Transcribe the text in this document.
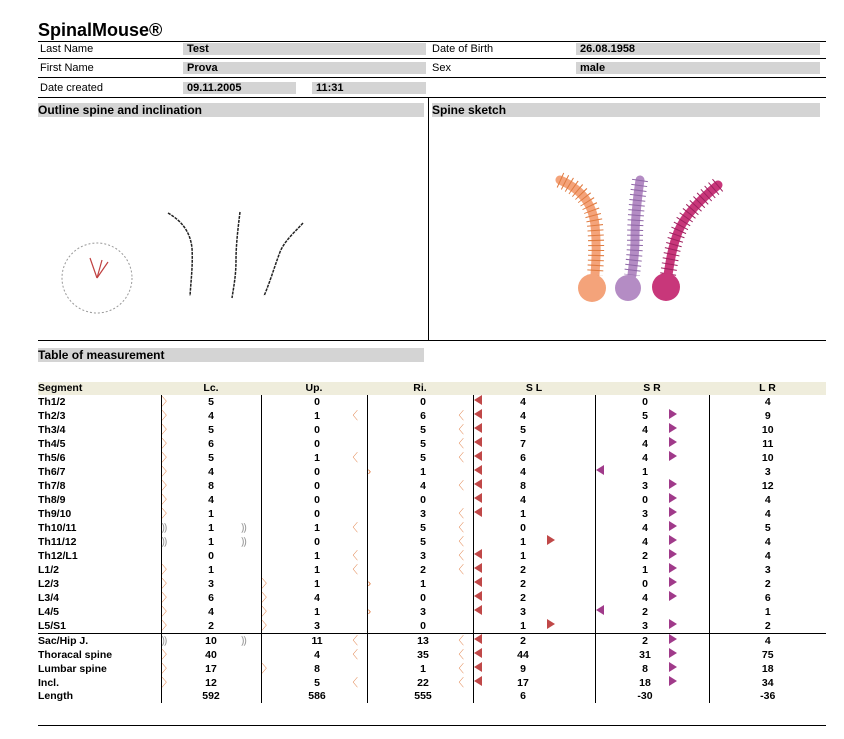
SpinalMouse®
Last Name	Test	Date of Birth	26.08.1958
First Name	Prova	Sex	male
Date created	09.11.2005	11:31
Outline spine and inclination	Spine sketch
Table of measurement
Segment	Lc.			Up.			Ri.			S L			S R			L R
Th1/2	〉	5			0			0			4			0		4
Th2/3	〉	4			1	〈		6	〈		4			5		9
Th3/4	〉	5			0			5	〈		5			4		10
Th4/5	〉	6			0			5	〈		7			4		11
Th5/6	〉	5			1	〈		5	〈		6			4		10
Th6/7	〉	4			0		›	1			4			1		3
Th7/8	〉	8			0			4	〈		8			3		12
Th8/9	〉	4			0			0			4			0		4
Th9/10	〉	1			0			3	〈		1			3		4
Th10/11	⸩	1	⸩		1	〈		5	〈		0			4		5
Th11/12	⸩	1	⸩		0			5	〈		1			4		4
Th12/L1		0			1	〈		3	〈		1			2		4
L1/2	〉	1			1	〈		2	〈		2			1		3
L2/3	〉	3		〉	1		›	1			2			0		2
L3/4	〉	6		〉	4			0			2			4		6
L4/5	〉	4		〉	1		›	3			3			2		1
L5/S1	〉	2		〉	3			0			1			3		2
Sac/Hip J.	⸩	10	⸩		11	〈		13	〈		2			2		4
Thoracal spine	〉	40			4	〈		35	〈		44			31		75
Lumbar spine	〉	17		〉	8			1	〈		9			8		18
Incl.	〉	12			5	〈		22	〈		17			18		34
Length		592			586			555			6			-30		-36
